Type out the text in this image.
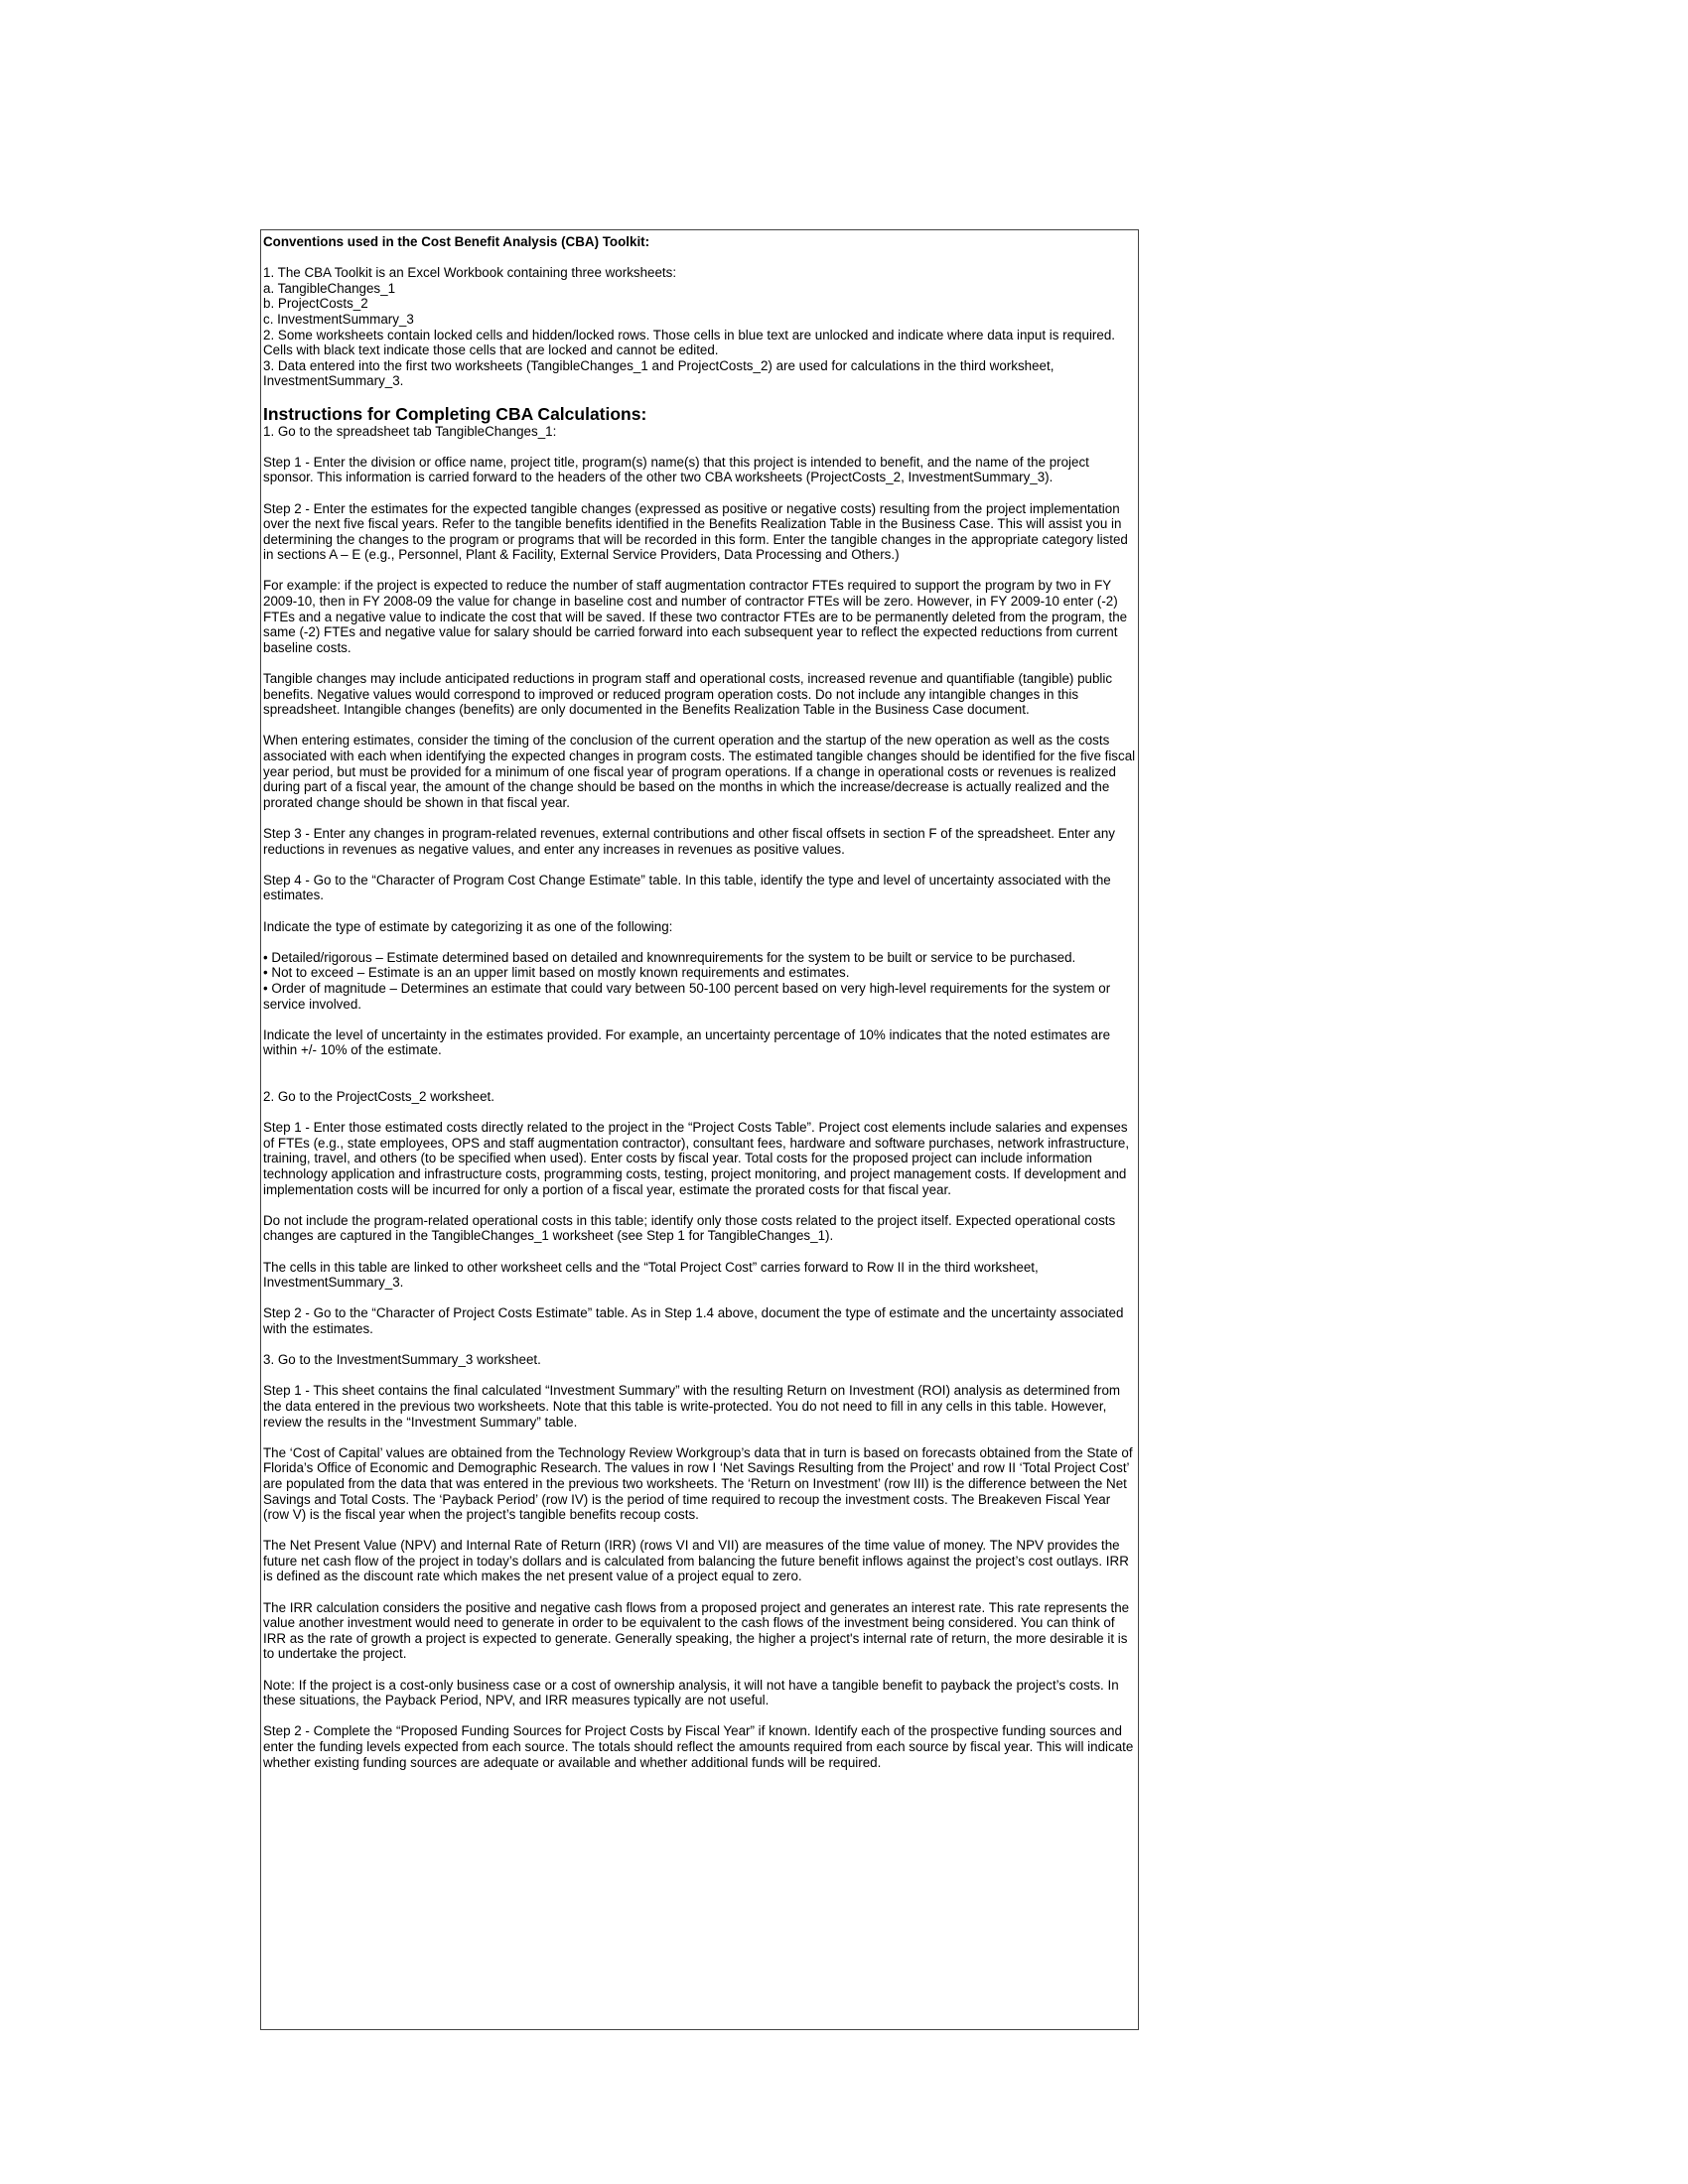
Conventions used in the Cost Benefit Analysis (CBA) Toolkit:

1. The CBA Toolkit is an Excel Workbook containing three worksheets:

a. TangibleChanges_1

b. ProjectCosts_2

c. InvestmentSummary_3

2. Some worksheets contain locked cells and hidden/locked rows. Those cells in blue text are unlocked and indicate where data input is required. Cells with black text indicate those cells that are locked and cannot be edited.

3. Data entered into the first two worksheets (TangibleChanges_1 and ProjectCosts_2) are used for calculations in the third worksheet, InvestmentSummary_3.

Instructions for Completing CBA Calculations:

1. Go to the spreadsheet tab TangibleChanges_1:

Step 1 - Enter the division or office name, project title, program(s) name(s) that this project is intended to benefit, and the name of the project sponsor. This information is carried forward to the headers of the other two CBA worksheets (ProjectCosts_2, InvestmentSummary_3).

Step 2 - Enter the estimates for the expected tangible changes (expressed as positive or negative costs) resulting from the project implementation over the next five fiscal years. Refer to the tangible benefits identified in the Benefits Realization Table in the Business Case. This will assist you in determining the changes to the program or programs that will be recorded in this form. Enter the tangible changes in the appropriate category listed in sections A – E (e.g., Personnel, Plant & Facility, External Service Providers, Data Processing and Others.)

For example: if the project is expected to reduce the number of staff augmentation contractor FTEs required to support the program by two in FY 2009-10, then in FY 2008-09 the value for change in baseline cost and number of contractor FTEs will be zero. However, in FY 2009-10 enter (-2) FTEs and a negative value to indicate the cost that will be saved. If these two contractor FTEs are to be permanently deleted from the program, the same (-2) FTEs and negative value for salary should be carried forward into each subsequent year to reflect the expected reductions from current baseline costs.

Tangible changes may include anticipated reductions in program staff and operational costs, increased revenue and quantifiable (tangible) public benefits. Negative values would correspond to improved or reduced program operation costs. Do not include any intangible changes in this spreadsheet. Intangible changes (benefits) are only documented in the Benefits Realization Table in the Business Case document.

When entering estimates, consider the timing of the conclusion of the current operation and the startup of the new operation as well as the costs associated with each when identifying the expected changes in program costs. The estimated tangible changes should be identified for the five fiscal year period, but must be provided for a minimum of one fiscal year of program operations. If a change in operational costs or revenues is realized during part of a fiscal year, the amount of the change should be based on the months in which the increase/decrease is actually realized and the prorated change should be shown in that fiscal year.

Step 3 - Enter any changes in program-related revenues, external contributions and other fiscal offsets in section F of the spreadsheet. Enter any reductions in revenues as negative values, and enter any increases in revenues as positive values.

Step 4 - Go to the “Character of Program Cost Change Estimate” table. In this table, identify the type and level of uncertainty associated with the estimates.

Indicate the type of estimate by categorizing it as one of the following:

• Detailed/rigorous – Estimate determined based on detailed and knownrequirements for the system to be built or service to be purchased.

• Not to exceed – Estimate is an an upper limit based on mostly known requirements and estimates.

• Order of magnitude – Determines an estimate that could vary between 50-100 percent based on very high-level requirements for the system or service involved.

Indicate the level of uncertainty in the estimates provided. For example, an uncertainty percentage of 10% indicates that the noted estimates are within +/- 10% of the estimate.

2. Go to the ProjectCosts_2 worksheet.

Step 1 - Enter those estimated costs directly related to the project in the “Project Costs Table”. Project cost elements include salaries and expenses of FTEs (e.g., state employees, OPS and staff augmentation contractor), consultant fees, hardware and software purchases, network infrastructure, training, travel, and others (to be specified when used). Enter costs by fiscal year. Total costs for the proposed project can include information technology application and infrastructure costs, programming costs, testing, project monitoring, and project management costs. If development and implementation costs will be incurred for only a portion of a fiscal year, estimate the prorated costs for that fiscal year.

Do not include the program-related operational costs in this table; identify only those costs related to the project itself. Expected operational costs changes are captured in the TangibleChanges_1 worksheet (see Step 1 for TangibleChanges_1).

The cells in this table are linked to other worksheet cells and the “Total Project Cost” carries forward to Row II in the third worksheet, InvestmentSummary_3.

Step 2 - Go to the “Character of Project Costs Estimate” table. As in Step 1.4 above, document the type of estimate and the uncertainty associated with the estimates.

3. Go to the InvestmentSummary_3 worksheet.

Step 1 - This sheet contains the final calculated “Investment Summary” with the resulting Return on Investment (ROI) analysis as determined from the data entered in the previous two worksheets. Note that this table is write-protected. You do not need to fill in any cells in this table. However, review the results in the “Investment Summary” table.

The ‘Cost of Capital’ values are obtained from the Technology Review Workgroup’s data that in turn is based on forecasts obtained from the State of Florida’s Office of Economic and Demographic Research. The values in row I ‘Net Savings Resulting from the Project’ and row II ‘Total Project Cost’ are populated from the data that was entered in the previous two worksheets. The ‘Return on Investment’ (row III) is the difference between the Net Savings and Total Costs. The ‘Payback Period’ (row IV) is the period of time required to recoup the investment costs. The Breakeven Fiscal Year (row V) is the fiscal year when the project’s tangible benefits recoup costs.

The Net Present Value (NPV) and Internal Rate of Return (IRR) (rows VI and VII) are measures of the time value of money. The NPV provides the future net cash flow of the project in today’s dollars and is calculated from balancing the future benefit inflows against the project’s cost outlays. IRR is defined as the discount rate which makes the net present value of a project equal to zero.

The IRR calculation considers the positive and negative cash flows from a proposed project and generates an interest rate. This rate represents the value another investment would need to generate in order to be equivalent to the cash flows of the investment being considered. You can think of IRR as the rate of growth a project is expected to generate. Generally speaking, the higher a project's internal rate of return, the more desirable it is to undertake the project.

Note: If the project is a cost-only business case or a cost of ownership analysis, it will not have a tangible benefit to payback the project’s costs. In these situations, the Payback Period, NPV, and IRR measures typically are not useful.

Step 2 - Complete the “Proposed Funding Sources for Project Costs by Fiscal Year” if known. Identify each of the prospective funding sources and enter the funding levels expected from each source. The totals should reflect the amounts required from each source by fiscal year. This will indicate whether existing funding sources are adequate or available and whether additional funds will be required.
